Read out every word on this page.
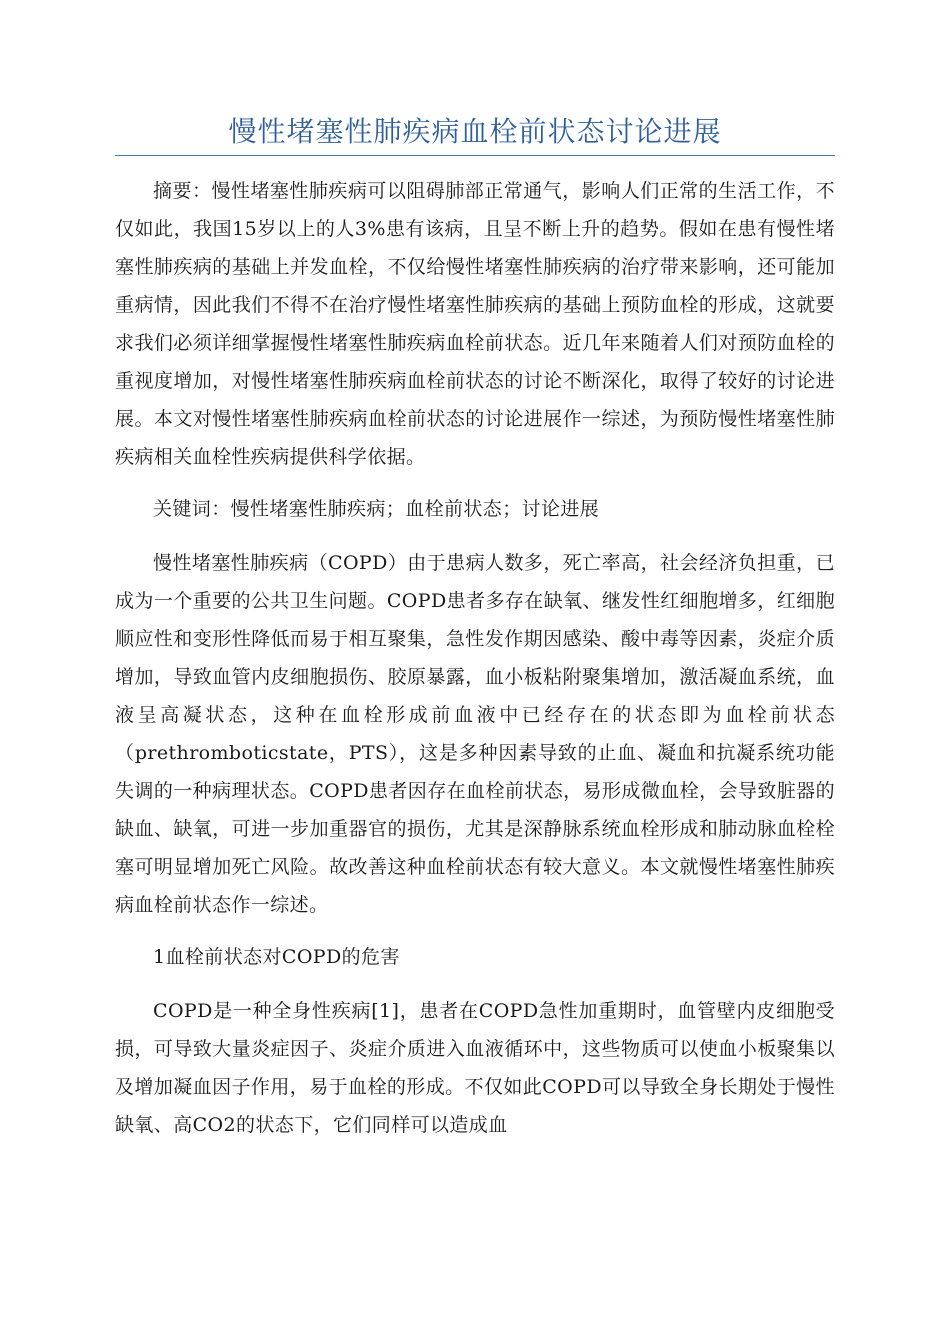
慢性堵塞性肺疾病血栓前状态讨论进展

摘要：慢性堵塞性肺疾病可以阻碍肺部正常通气，影响人们正常的生活工作，不仅如此，我国15岁以上的人3%患有该病，且呈不断上升的趋势。假如在患有慢性堵塞性肺疾病的基础上并发血栓，不仅给慢性堵塞性肺疾病的治疗带来影响，还可能加重病情，因此我们不得不在治疗慢性堵塞性肺疾病的基础上预防血栓的形成，这就要求我们必须详细掌握慢性堵塞性肺疾病血栓前状态。近几年来随着人们对预防血栓的重视度增加，对慢性堵塞性肺疾病血栓前状态的讨论不断深化，取得了较好的讨论进展。本文对慢性堵塞性肺疾病血栓前状态的讨论进展作一综述，为预防慢性堵塞性肺疾病相关血栓性疾病提供科学依据。

关键词：慢性堵塞性肺疾病；血栓前状态；讨论进展

慢性堵塞性肺疾病（COPD）由于患病人数多，死亡率高，社会经济负担重，已成为一个重要的公共卫生问题。COPD患者多存在缺氧、继发性红细胞增多，红细胞顺应性和变形性降低而易于相互聚集，急性发作期因感染、酸中毒等因素，炎症介质增加，导致血管内皮细胞损伤、胶原暴露，血小板粘附聚集增加，激活凝血系统，血液呈高凝状态，这种在血栓形成前血液中已经存在的状态即为血栓前状态（prethromboticstate，PTS），这是多种因素导致的止血、凝血和抗凝系统功能失调的一种病理状态。COPD患者因存在血栓前状态，易形成微血栓，会导致脏器的缺血、缺氧，可进一步加重器官的损伤，尤其是深静脉系统血栓形成和肺动脉血栓栓塞可明显增加死亡风险。故改善这种血栓前状态有较大意义。本文就慢性堵塞性肺疾病血栓前状态作一综述。

1血栓前状态对COPD的危害

COPD是一种全身性疾病[1]，患者在COPD急性加重期时，血管壁内皮细胞受损，可导致大量炎症因子、炎症介质进入血液循环中，这些物质可以使血小板聚集以及增加凝血因子作用，易于血栓的形成。不仅如此COPD可以导致全身长期处于慢性缺氧、高CO2的状态下，它们同样可以造成血
